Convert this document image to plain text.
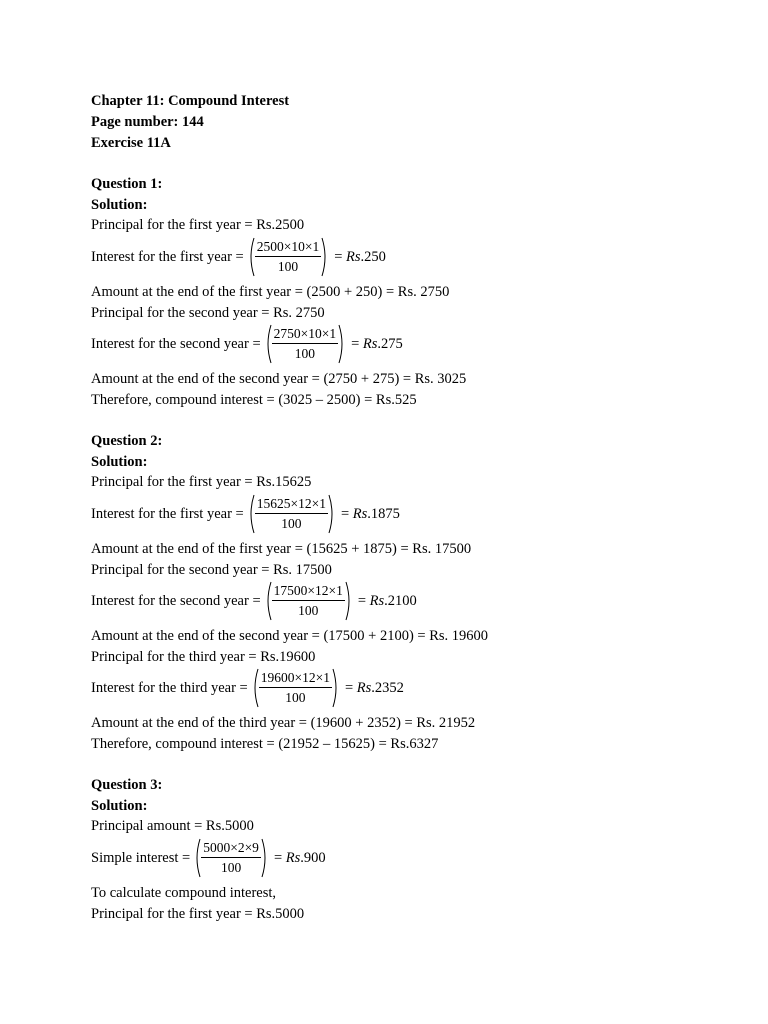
Chapter 11: Compound Interest
Page number: 144
Exercise 11A
Question 1:
Solution:
Principal for the first year = Rs.2500
Interest for the first year = $\frac{2500\times 10\times 1}{100} = Rs.250$
Amount at the end of the first year = (2500 + 250) = Rs. 2750
Principal for the second year = Rs. 2750
Interest for the second year = $\frac{2750\times 10\times 1}{100} = Rs.275$
Amount at the end of the second year = (2750 + 275) = Rs. 3025
Therefore, compound interest = (3025 – 2500) = Rs.525
Question 2:
Solution:
Principal for the first year = Rs.15625
Interest for the first year = $\frac{15625\times 12\times 1}{100} = Rs.1875$
Amount at the end of the first year = (15625 + 1875) = Rs. 17500
Principal for the second year = Rs. 17500
Interest for the second year = $\frac{17500\times 12\times 1}{100} = Rs.2100$
Amount at the end of the second year = (17500 + 2100) = Rs. 19600
Principal for the third year = Rs.19600
Interest for the third year = $\frac{19600\times 12\times 1}{100} = Rs.2352$
Amount at the end of the third year = (19600 + 2352) = Rs. 21952
Therefore, compound interest = (21952 – 15625) = Rs.6327
Question 3:
Solution:
Principal amount = Rs.5000
Simple interest = $\frac{5000\times 2\times 9}{100} = Rs.900$
To calculate compound interest,
Principal for the first year = Rs.5000
